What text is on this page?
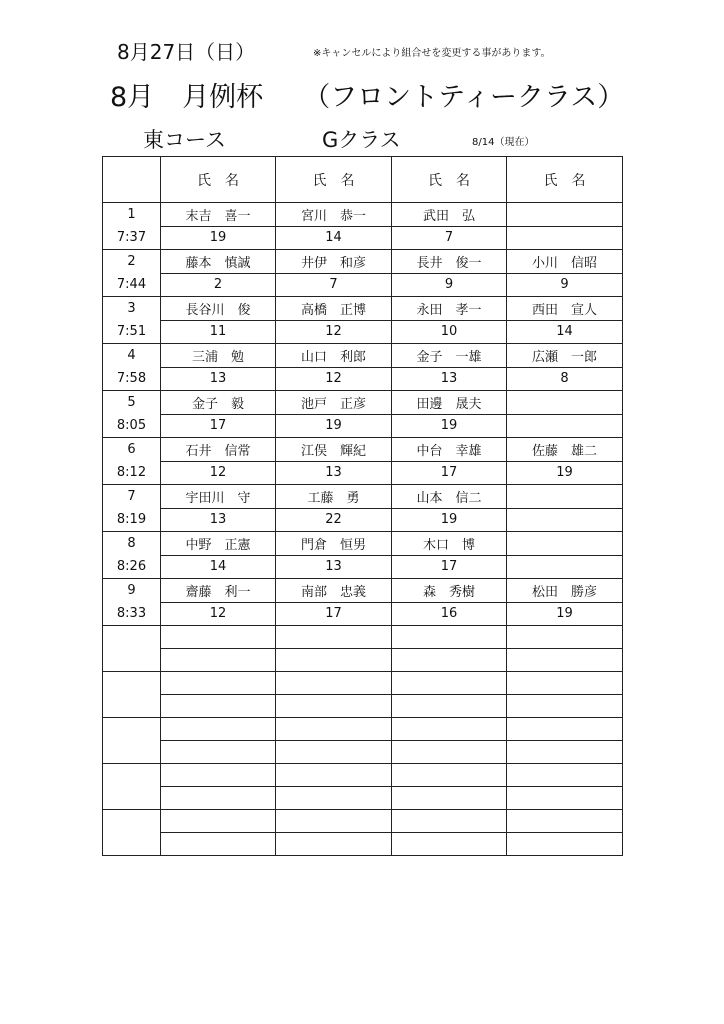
8月27日（日）	※キャンセルにより組合せを変更する事があります。
8月 月例杯 （フロントティークラス）
東コース	Gクラス	8/14（現在）
	氏　名	氏　名	氏　名	氏　名

1
7:37	末吉　喜一	宮川　恭一	武田　弘	
	19	14	7	

2
7:44	藤本　慎誠	井伊　和彦	長井　俊一	小川　信昭
	2	7	9	9

3
7:51	長谷川　俊	高橋　正博	永田　孝一	西田　宣人
	11	12	10	14

4
7:58	三浦　勉	山口　利郎	金子　一雄	広瀬　一郎
	13	12	13	8

5
8:05	金子　毅	池戸　正彦	田邊　晟夫	
	17	19	19	

6
8:12	石井　信常	江俣　輝紀	中台　幸雄	佐藤　雄二
	12	13	17	19

7
8:19	宇田川　守	工藤　勇	山本　信二	
	13	22	19	

8
8:26	中野　正憲	門倉　恒男	木口　博	
	14	13	17	

9
8:33	齋藤　利一	南部　忠義	森　秀樹	松田　勝彦
	12	17	16	19
